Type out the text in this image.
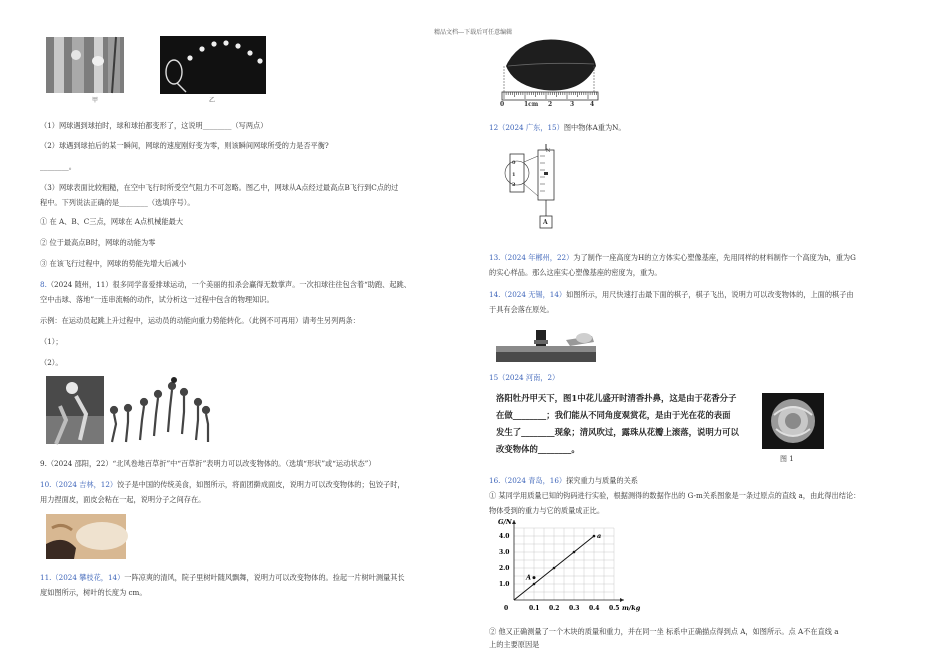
精品文档---下载后可任意编辑
甲	乙
（1）网球遇到球拍时，球和球拍都变形了，这说明________（写两点）
（2）球遇到球拍后的某一瞬间，网球的速度刚好变为零，则该瞬间网球所受的力是否平衡?
________。
（3）网球表面比较粗糙，在空中飞行时所受空气阻力不可忽略。图乙中，网球从A点经过最高点B飞行到C点的过
程中。下列说法正确的是________（选填序号）。
① 在 A、B、C三点，网球在 A点机械能最大
② 位于最高点B时，网球的动能为零
③ 在该飞行过程中，网球的势能先增大后减小
8.（2024 随州，11）很多同学喜爱排球运动，一个美丽的扣杀会赢得无数掌声。一次扣球往往包含着“助跑、起跳、
空中击球、落地”一连串流畅的动作，试分析这一过程中包含的物理知识。
示例：在运动员起跳上升过程中，运动员的动能向重力势能转化。（此例不可再用）请考生另列两条：
（1）；
（2）。
9.（2024 邵阳，22）“北风卷地百草折”中“百草折”表明力可以改变物体的。（选填“形状”或“运动状态”）
10.（2024 吉林，12）饺子是中国的传统美食，如图所示，将面团擀成面皮，说明力可以改变物体的；包饺子时，
用力捏面皮，面皮会粘在一起，说明分子之间存在。
11.（2024 攀枝花，14）一阵凉爽的清风，院子里树叶随风飘舞，说明力可以改变物体的。捡起一片树叶测量其长
度如图所示，树叶的长度为 cm。
0	1cm 2	3	4
12（2024 广东，15）图中物体A重为N。
N
0
1
2
A
13.（2024 年郴州，22）为了制作一座高度为H的立方体实心塑像基座，先用同样的材料制作一个高度为h，重为G
的实心样品。那么这座实心塑像基座的密度为，重为。
14.（2024 无锡，14）如图所示，用尺快速打击最下面的棋子，棋子飞出，说明力可以改变物体的，上面的棋子由
于具有会落在原处。
15（2024 河南，2）
洛阳牡丹甲天下，图1中花儿盛开时清香扑鼻，这是由于花香分子
在做________；我们能从不同角度观赏花，是由于光在花的表面
发生了________现象；清风吹过，露珠从花瓣上滚落，说明力可以
改变物体的________。
图 1
16.（2024 青岛，16）探究重力与质量的关系
① 某同学用质量已知的钩码进行实验，根据测得的数据作出的 G-m关系图象是一条过原点的直线 a，由此得出结论：
物体受到的重力与它的质量成正比。
G/N
m/kg
0	0.1 0.2 0.3 0.4 0.5
1.0
2.0
3.0
4.0	a
A
② 他又正确测量了一个木块的质量和重力，并在同一坐 标系中正确描点得到点 A，如图所示。点 A不在直线 a
上的主要原因是
